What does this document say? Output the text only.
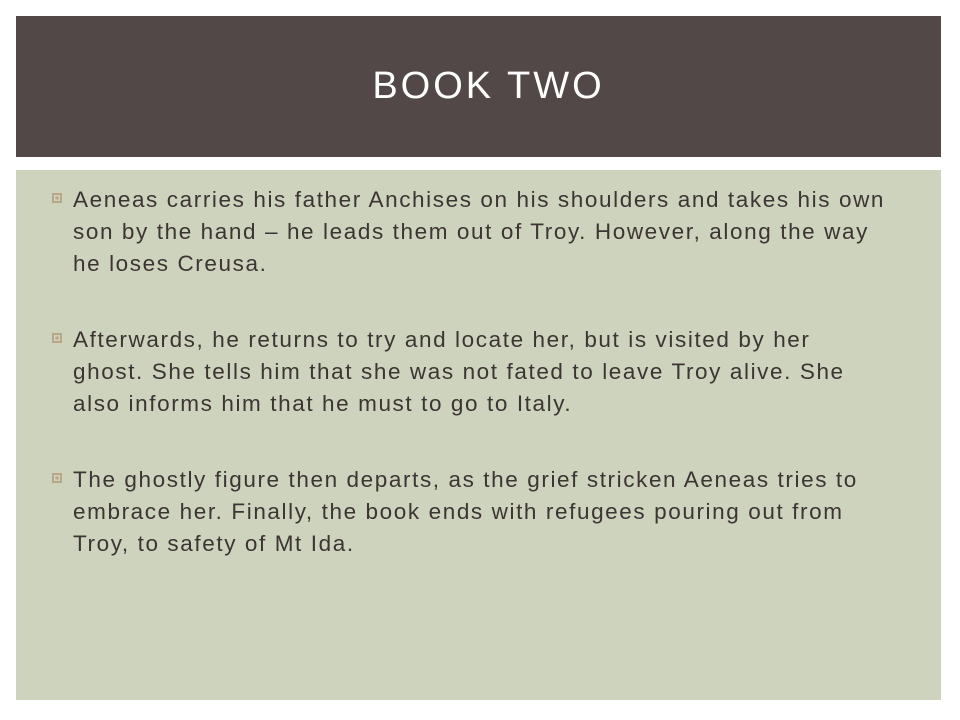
BOOK TWO
Aeneas carries his father Anchises on his shoulders and takes his own son by the hand – he leads them out of Troy. However, along the way he loses Creusa.
Afterwards, he returns to try and locate her, but is visited by her ghost. She tells him that she was not fated to leave Troy alive. She also informs him that he must to go to Italy.
The ghostly figure then departs, as the grief stricken Aeneas tries to embrace her. Finally, the book ends with refugees pouring out from Troy, to safety of Mt Ida.
